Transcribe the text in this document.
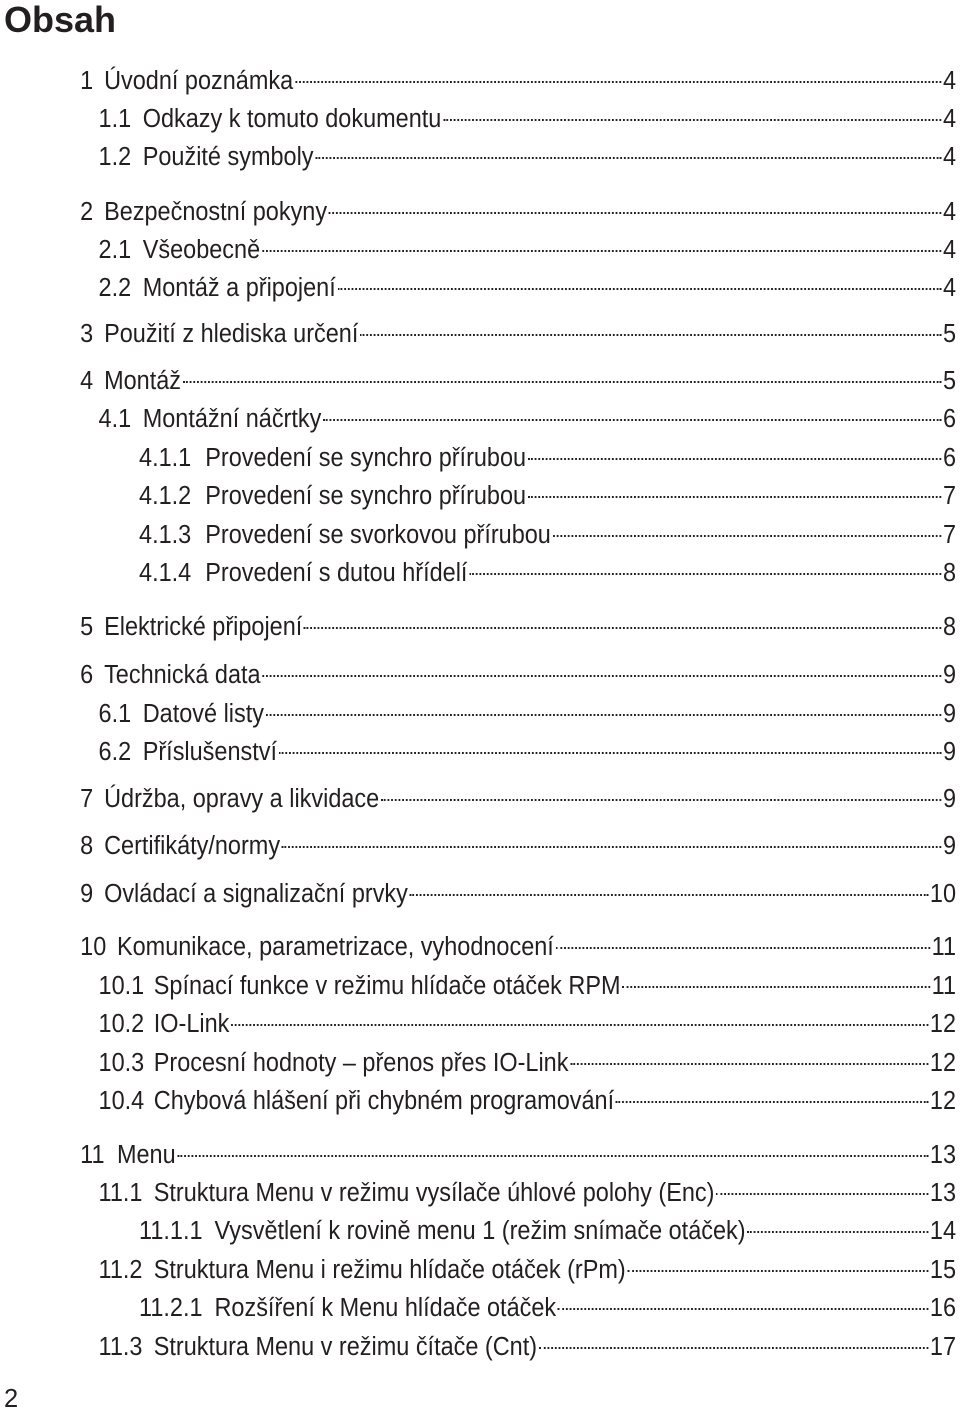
Obsah
1 Úvodní poznámka	4
1.1 Odkazy k tomuto dokumentu	4
1.2 Použité symboly	4
2 Bezpečnostní pokyny	4
2.1 Všeobecně	4
2.2 Montáž a připojení	4
3 Použití z hlediska určení	5
4 Montáž	5
4.1 Montážní náčrtky	6
4.1.1 Provedení se synchro přírubou	6
4.1.2 Provedení se synchro přírubou	7
4.1.3 Provedení se svorkovou přírubou	7
4.1.4 Provedení s dutou hřídelí	8
5 Elektrické připojení	8
6 Technická data	9
6.1 Datové listy	9
6.2 Příslušenství	9
7 Údržba, opravy a likvidace	9
8 Certifikáty/normy	9
9 Ovládací a signalizační prvky	10
10 Komunikace, parametrizace, vyhodnocení	11
10.1 Spínací funkce v režimu hlídače otáček RPM	11
10.2 IO-Link	12
10.3 Procesní hodnoty – přenos přes IO-Link	12
10.4 Chybová hlášení při chybném programování	12
11 Menu	13
11.1 Struktura Menu v režimu vysílače úhlové polohy (Enc)	13
11.1.1 Vysvětlení k rovině menu 1 (režim snímače otáček)	14
11.2 Struktura Menu i režimu hlídače otáček (rPm)	15
11.2.1 Rozšíření k Menu hlídače otáček	16
11.3 Struktura Menu v režimu čítače (Cnt)	17
2
